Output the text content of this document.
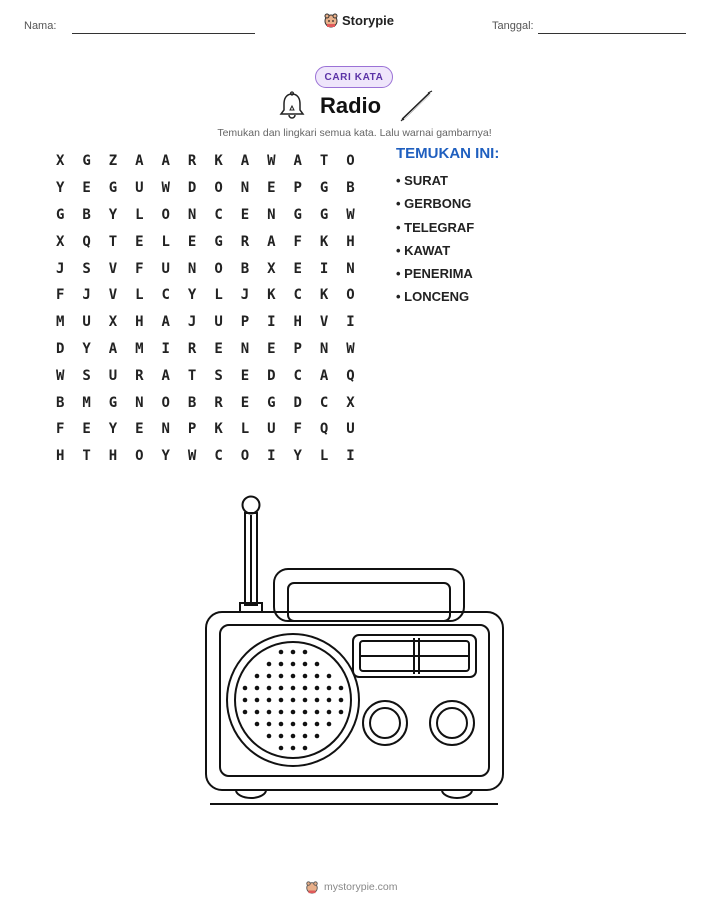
Nama:	Storypie	Tanggal:
CARI KATA
Radio
Temukan dan lingkari semua kata. Lalu warnai gambarnya!
X	G	Z	A	A	R	K	A	W	A	T	O
Y	E	G	U	W	D	O	N	E	P	G	B
G	B	Y	L	O	N	C	E	N	G	G	W
X	Q	T	E	L	E	G	R	A	F	K	H
J	S	V	F	U	N	O	B	X	E	I	N
F	J	V	L	C	Y	L	J	K	C	K	O
M	U	X	H	A	J	U	P	I	H	V	I
D	Y	A	M	I	R	E	N	E	P	N	W
W	S	U	R	A	T	S	E	D	C	A	Q
B	M	G	N	O	B	R	E	G	D	C	X
F	E	Y	E	N	P	K	L	U	F	Q	U
H	T	H	O	Y	W	C	O	I	Y	L	I
TEMUKAN INI:
• SURAT
• GERBONG
• TELEGRAF
• KAWAT
• PENERIMA
• LONCENG
mystorypie.com
